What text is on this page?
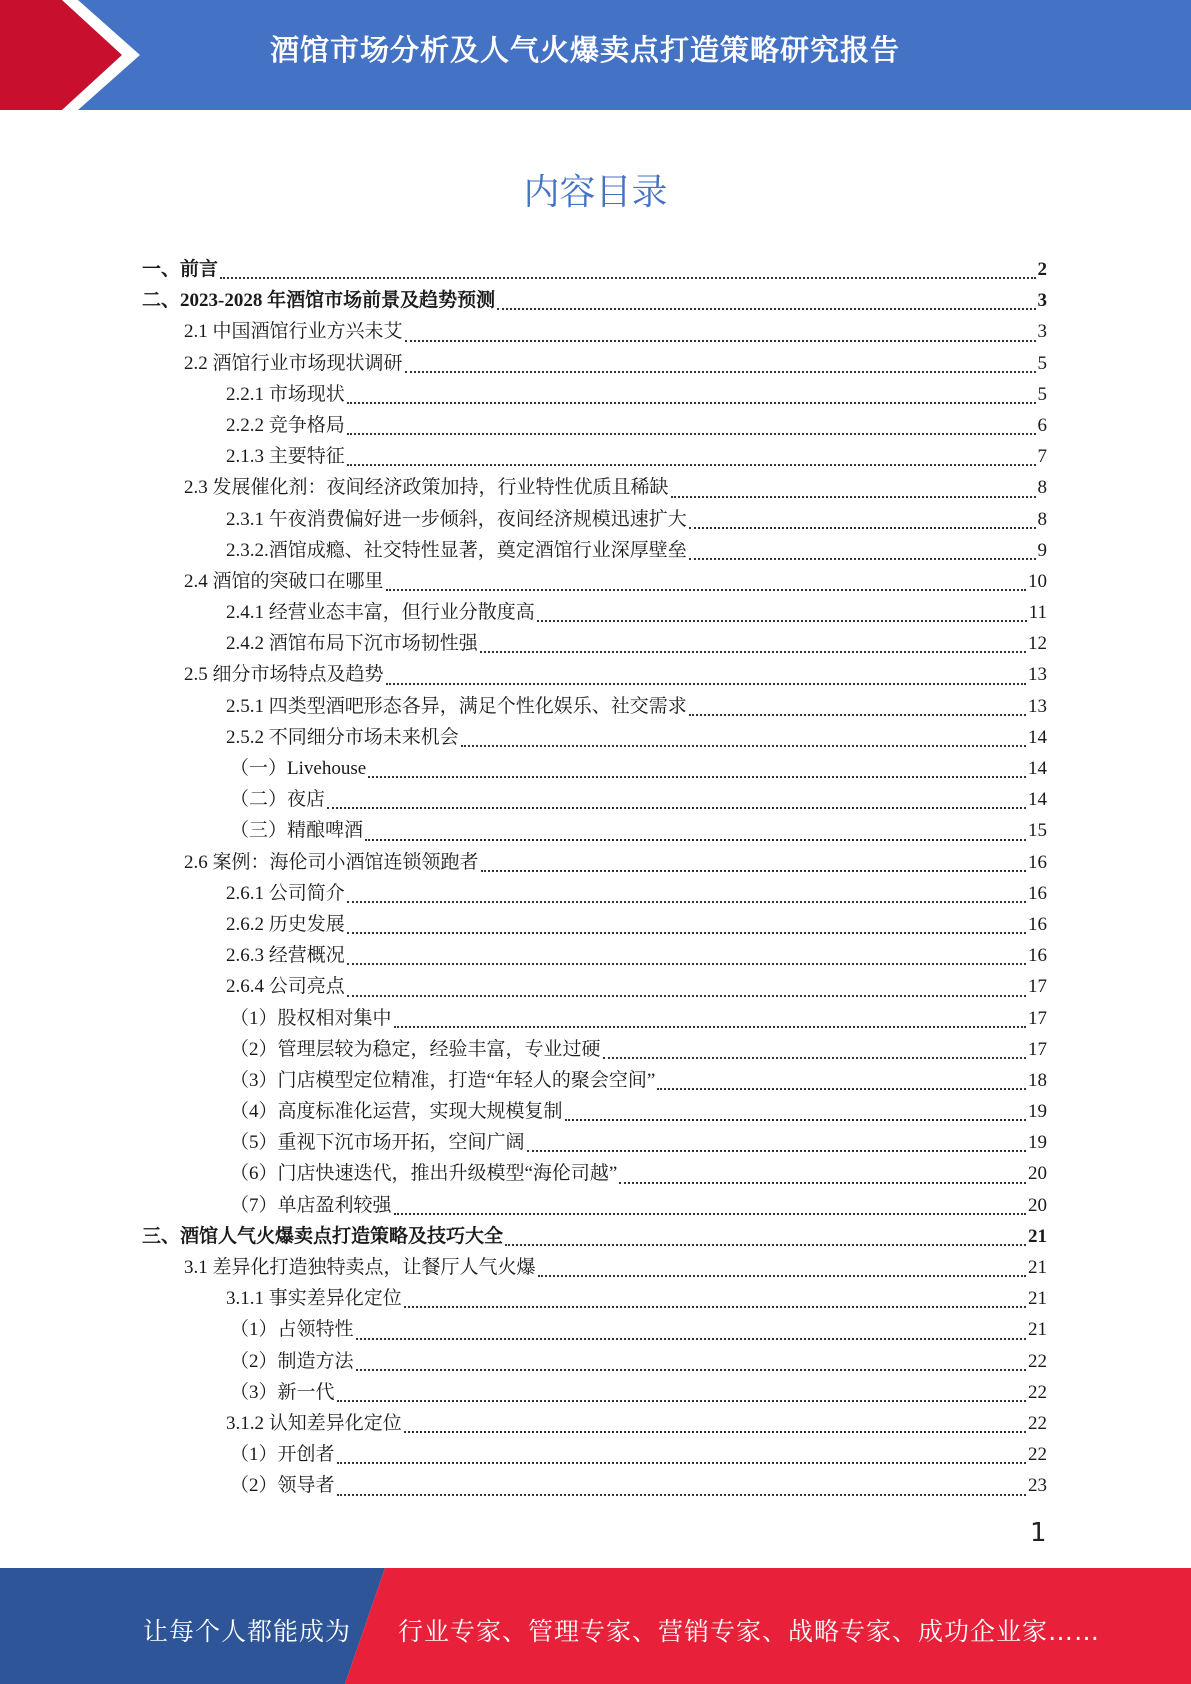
酒馆市场分析及人气火爆卖点打造策略研究报告
内容目录
一、前言	2
二、2023-2028 年酒馆市场前景及趋势预测	3
2.1 中国酒馆行业方兴未艾	3
2.2 酒馆行业市场现状调研	5
2.2.1 市场现状	5
2.2.2 竞争格局	6
2.1.3 主要特征	7
2.3 发展催化剂：夜间经济政策加持，行业特性优质且稀缺	8
2.3.1 午夜消费偏好进一步倾斜，夜间经济规模迅速扩大	8
2.3.2.酒馆成瘾、社交特性显著，奠定酒馆行业深厚壁垒	9
2.4 酒馆的突破口在哪里	10
2.4.1 经营业态丰富，但行业分散度高	11
2.4.2 酒馆布局下沉市场韧性强	12
2.5 细分市场特点及趋势	13
2.5.1 四类型酒吧形态各异，满足个性化娱乐、社交需求	13
2.5.2 不同细分市场未来机会	14
（一）Livehouse	14
（二）夜店	14
（三）精酿啤酒	15
2.6 案例：海伦司小酒馆连锁领跑者	16
2.6.1 公司简介	16
2.6.2 历史发展	16
2.6.3 经营概况	16
2.6.4 公司亮点	17
（1）股权相对集中	17
（2）管理层较为稳定，经验丰富，专业过硬	17
（3）门店模型定位精准，打造“年轻人的聚会空间”	18
（4）高度标准化运营，实现大规模复制	19
（5）重视下沉市场开拓，空间广阔	19
（6）门店快速迭代，推出升级模型“海伦司越”	20
（7）单店盈利较强	20
三、酒馆人气火爆卖点打造策略及技巧大全	21
3.1 差异化打造独特卖点，让餐厅人气火爆	21
3.1.1 事实差异化定位	21
（1）占领特性	21
（2）制造方法	22
（3）新一代	22
3.1.2 认知差异化定位	22
（1）开创者	22
（2）领导者	23
1
让每个人都能成为 行业专家、管理专家、营销专家、战略专家、成功企业家……
